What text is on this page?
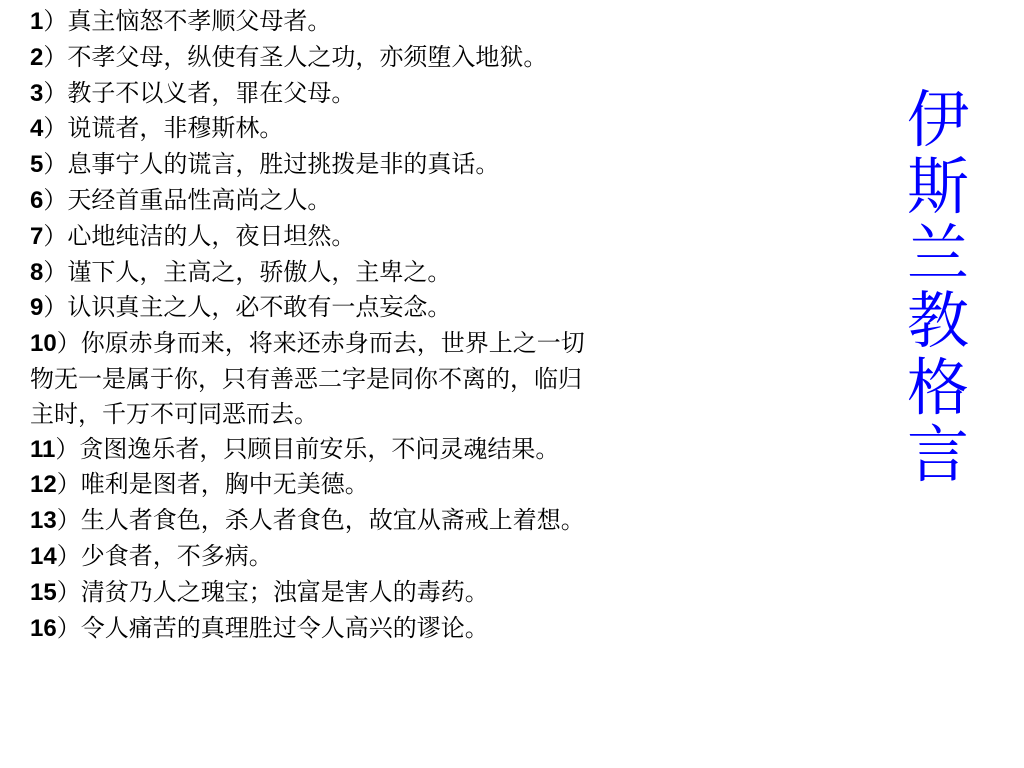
1）真主恼怒不孝顺父母者。
2）不孝父母，纵使有圣人之功，亦须堕入地狱。
3）教子不以义者，罪在父母。
4）说谎者，非穆斯林。
5）息事宁人的谎言，胜过挑拨是非的真话。
6）天经首重品性高尚之人。
7）心地纯洁的人，夜日坦然。
8）谨下人，主高之，骄傲人，主卑之。
9）认识真主之人，必不敢有一点妄念。
10）你原赤身而来，将来还赤身而去，世界上之一切
物无一是属于你，只有善恶二字是同你不离的，临归
主时，千万不可同恶而去。
11）贪图逸乐者，只顾目前安乐，不问灵魂结果。
12）唯利是图者，胸中无美德。
13）生人者食色，杀人者食色，故宜从斋戒上着想。
14）少食者，不多病。
15）清贫乃人之瑰宝；浊富是害人的毒药。
16）令人痛苦的真理胜过令人高兴的谬论。
伊
斯
兰
教
格
言
